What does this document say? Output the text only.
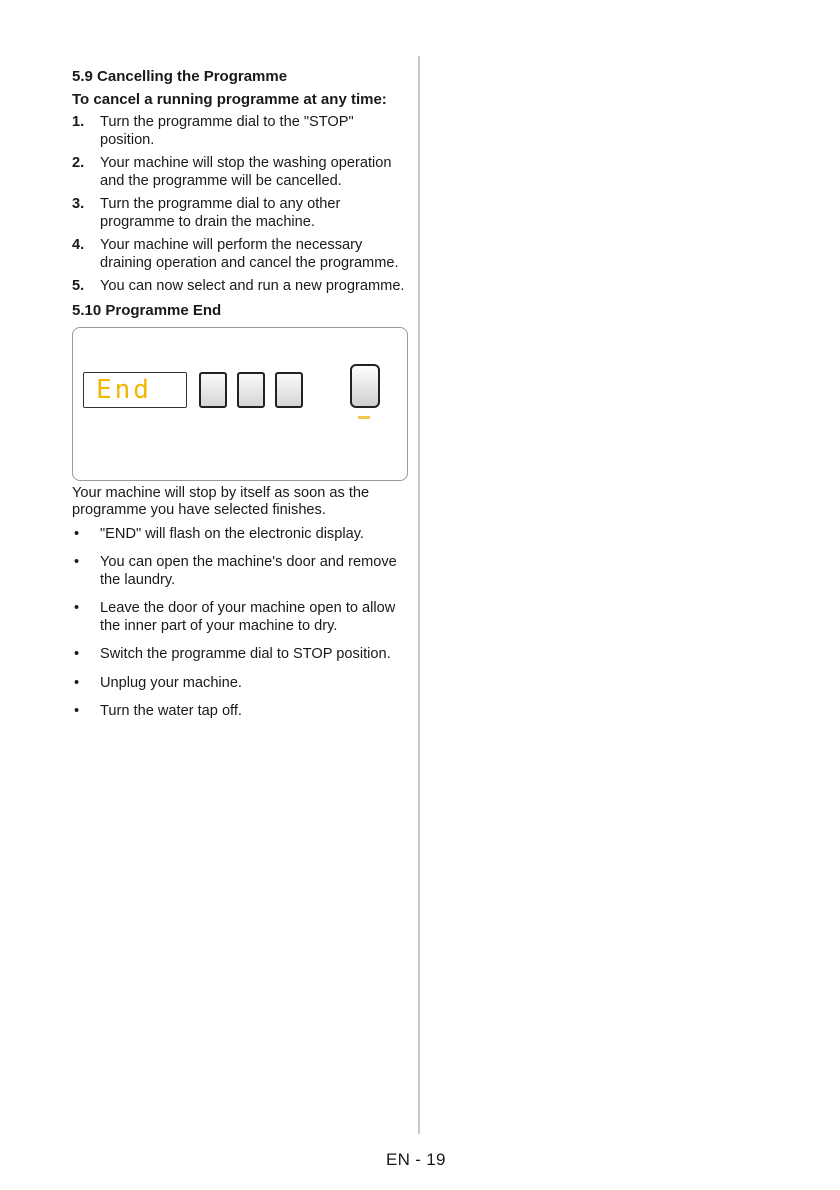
5.9 Cancelling the Programme
To cancel a running programme at any time:
1. Turn the programme dial to the "STOP" position.
2. Your machine will stop the washing operation and the programme will be cancelled.
3. Turn the programme dial to any other programme to drain the machine.
4. Your machine will perform the necessary draining operation and cancel the programme.
5. You can now select and run a new programme.
5.10 Programme End
End

Your machine will stop by itself as soon as the programme you have selected finishes.

• "END" will flash on the electronic display.
• You can open the machine's door and remove the laundry.
• Leave the door of your machine open to allow the inner part of your machine to dry.
• Switch the programme dial to STOP position.
• Unplug your machine.
• Turn the water tap off.
EN - 19
